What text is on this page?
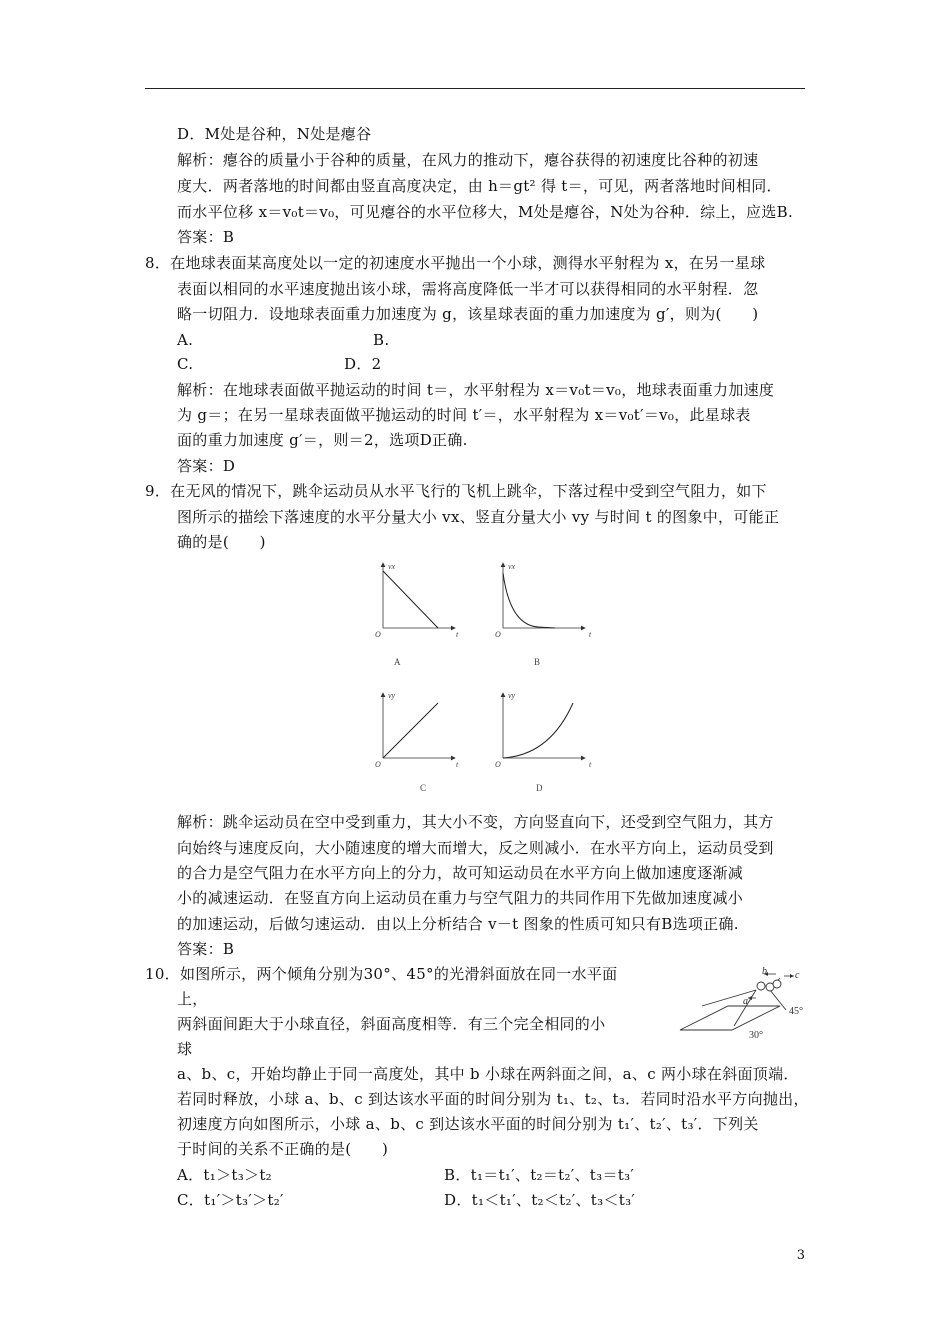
D．M处是谷种，N处是瘪谷
解析：瘪谷的质量小于谷种的质量，在风力的推动下，瘪谷获得的初速度比谷种的初速
度大．两者落地的时间都由竖直高度决定，由 h＝gt² 得 t＝，可见，两者落地时间相同．
而水平位移 x＝v₀t＝v₀，可见瘪谷的水平位移大，M处是瘪谷，N处为谷种．综上，应选B.
答案：B
8．在地球表面某高度处以一定的初速度水平抛出一个小球，测得水平射程为 x，在另一星球
表面以相同的水平速度抛出该小球，需将高度降低一半才可以获得相同的水平射程．忽
略一切阻力．设地球表面重力加速度为 g，该星球表面的重力加速度为 g′，则为(　　)
A.	B.
C.	D．2
解析：在地球表面做平抛运动的时间 t＝，水平射程为 x＝v₀t＝v₀，地球表面重力加速度
为 g＝；在另一星球表面做平抛运动的时间 t′＝，水平射程为 x＝v₀t′＝v₀，此星球表
面的重力加速度 g′＝，则＝2，选项D正确.
答案：D
9．在无风的情况下，跳伞运动员从水平飞行的飞机上跳伞，下落过程中受到空气阻力，如下
图所示的描绘下落速度的水平分量大小 vx、竖直分量大小 vy 与时间 t 的图象中，可能正
确的是(　　)
vx
O	t
A
vx
O	t
B
vy
O	t
C
vy
O	t
D
解析：跳伞运动员在空中受到重力，其大小不变，方向竖直向下，还受到空气阻力，其方
向始终与速度反向，大小随速度的增大而增大，反之则减小．在水平方向上，运动员受到
的合力是空气阻力在水平方向上的分力，故可知运动员在水平方向上做加速度逐渐减
小的减速运动．在竖直方向上运动员在重力与空气阻力的共同作用下先做加速度减小
的加速运动，后做匀速运动．由以上分析结合 v－t 图象的性质可知只有B选项正确.
答案：B
10．如图所示，两个倾角分别为30°、45°的光滑斜面放在同一水平面
上，
两斜面间距大于小球直径，斜面高度相等．有三个完全相同的小
球
a、b、c，开始均静止于同一高度处，其中 b 小球在两斜面之间，a、c 两小球在斜面顶端．
若同时释放，小球 a、b、c 到达该水平面的时间分别为 t₁、t₂、t₃．若同时沿水平方向抛出，
初速度方向如图所示，小球 a、b、c 到达该水平面的时间分别为 t₁′、t₂′、t₃′．下列关
于时间的关系不正确的是(　　)
b	c
a
30°
45°
A．t₁＞t₃＞t₂	B．t₁＝t₁′、t₂＝t₂′、t₃＝t₃′
C．t₁′＞t₃′＞t₂′	D．t₁＜t₁′、t₂＜t₂′、t₃＜t₃′
3
